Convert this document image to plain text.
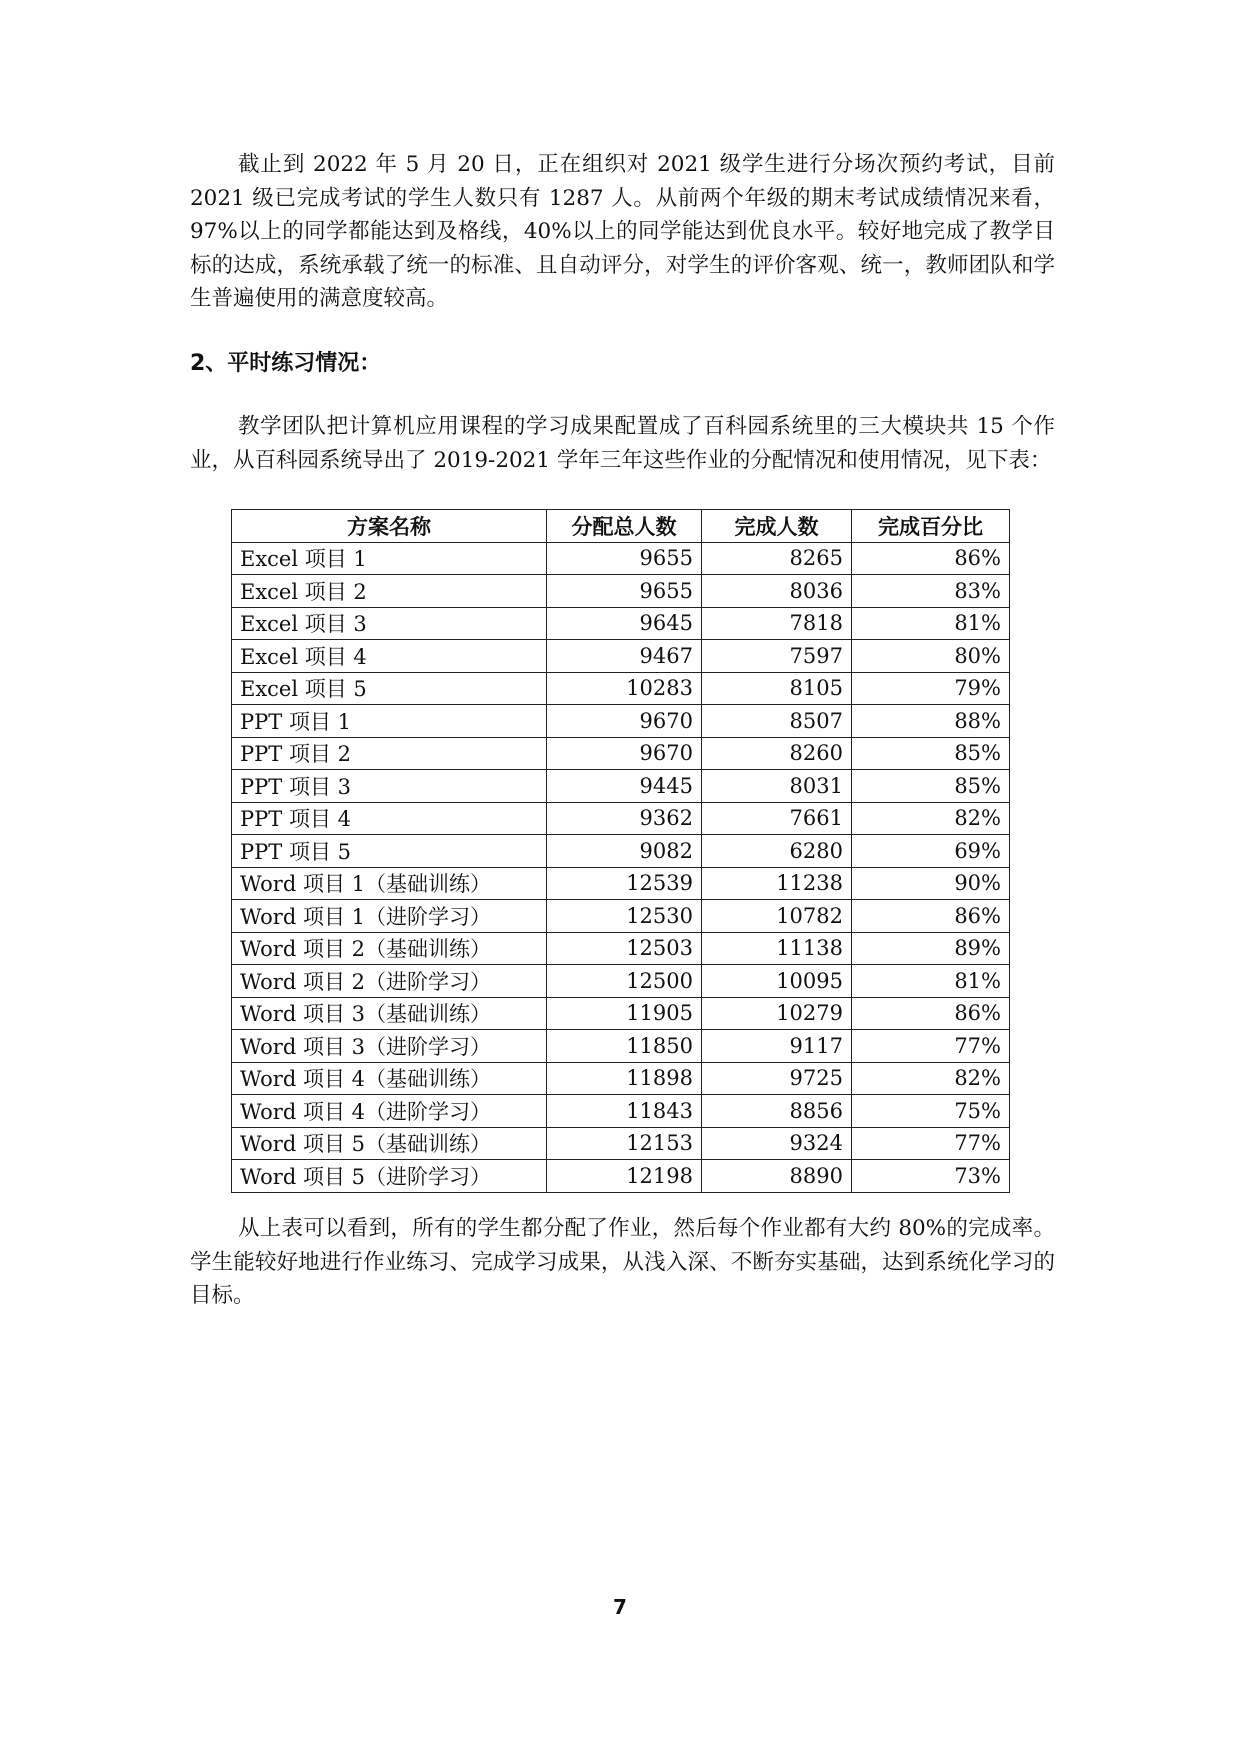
截止到 2022 年 5 月 20 日，正在组织对 2021 级学生进行分场次预约考试，目前 2021 级已完成考试的学生人数只有 1287 人。从前两个年级的期末考试成绩情况来看，97%以上的同学都能达到及格线，40%以上的同学能达到优良水平。较好地完成了教学目标的达成，系统承载了统一的标准、且自动评分，对学生的评价客观、统一，教师团队和学生普遍使用的满意度较高。

2、平时练习情况：

教学团队把计算机应用课程的学习成果配置成了百科园系统里的三大模块共 15 个作业，从百科园系统导出了 2019-2021 学年三年这些作业的分配情况和使用情况，见下表：

方案名称	分配总人数	完成人数	完成百分比
Excel 项目 1	9655	8265	86%
Excel 项目 2	9655	8036	83%
Excel 项目 3	9645	7818	81%
Excel 项目 4	9467	7597	80%
Excel 项目 5	10283	8105	79%
PPT 项目 1	9670	8507	88%
PPT 项目 2	9670	8260	85%
PPT 项目 3	9445	8031	85%
PPT 项目 4	9362	7661	82%
PPT 项目 5	9082	6280	69%
Word 项目 1（基础训练）	12539	11238	90%
Word 项目 1（进阶学习）	12530	10782	86%
Word 项目 2（基础训练）	12503	11138	89%
Word 项目 2（进阶学习）	12500	10095	81%
Word 项目 3（基础训练）	11905	10279	86%
Word 项目 3（进阶学习）	11850	9117	77%
Word 项目 4（基础训练）	11898	9725	82%
Word 项目 4（进阶学习）	11843	8856	75%
Word 项目 5（基础训练）	12153	9324	77%
Word 项目 5（进阶学习）	12198	8890	73%

从上表可以看到，所有的学生都分配了作业，然后每个作业都有大约 80%的完成率。学生能较好地进行作业练习、完成学习成果，从浅入深、不断夯实基础，达到系统化学习的目标。

7
